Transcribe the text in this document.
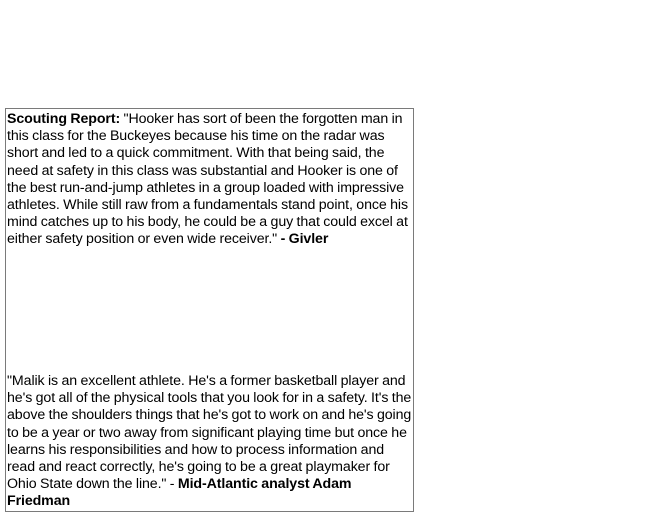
Scouting Report: "Hooker has sort of been the forgotten man in this class for the Buckeyes because his time on the radar was short and led to a quick commitment. With that being said, the need at safety in this class was substantial and Hooker is one of the best run-and-jump athletes in a group loaded with impressive athletes. While still raw from a fundamentals stand point, once his mind catches up to his body, he could be a guy that could excel at either safety position or even wide receiver." - Givler
"Malik is an excellent athlete. He's a former basketball player and he's got all of the physical tools that you look for in a safety. It's the above the shoulders things that he's got to work on and he's going to be a year or two away from significant playing time but once he learns his responsibilities and how to process information and read and react correctly, he's going to be a great playmaker for Ohio State down the line." - Mid-Atlantic analyst Adam Friedman
